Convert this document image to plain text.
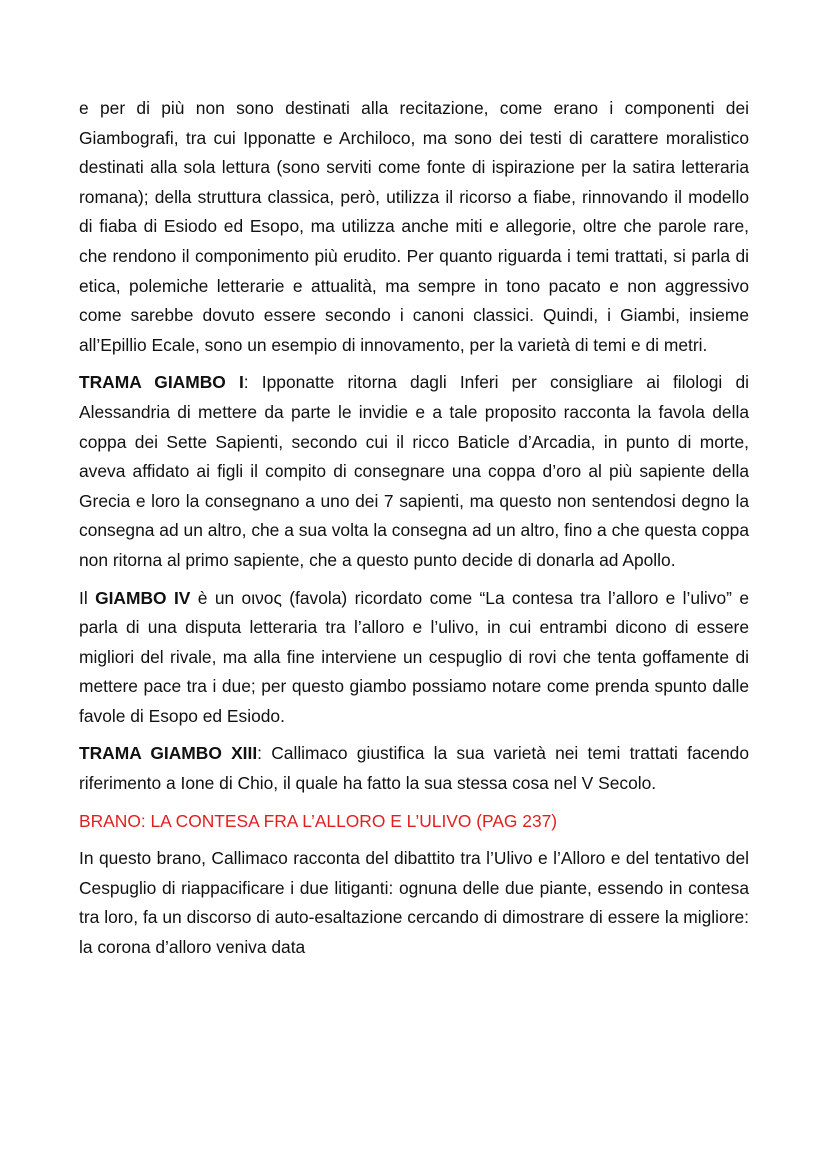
e per di più non sono destinati alla recitazione, come erano i componenti dei Giambografi, tra cui Ipponatte e Archiloco, ma sono dei testi di carattere moralistico destinati alla sola lettura (sono serviti come fonte di ispirazione per la satira letteraria romana); della struttura classica, però, utilizza il ricorso a fiabe, rinnovando il modello di fiaba di Esiodo ed Esopo, ma utilizza anche miti e allegorie, oltre che parole rare, che rendono il componimento più erudito. Per quanto riguarda i temi trattati, si parla di etica, polemiche letterarie e attualità, ma sempre in tono pacato e non aggressivo come sarebbe dovuto essere secondo i canoni classici. Quindi, i Giambi, insieme all’Epillio Ecale, sono un esempio di innovamento, per la varietà di temi e di metri.

TRAMA GIAMBO I: Ipponatte ritorna dagli Inferi per consigliare ai filologi di Alessandria di mettere da parte le invidie e a tale proposito racconta la favola della coppa dei Sette Sapienti, secondo cui il ricco Baticle d’Arcadia, in punto di morte, aveva affidato ai figli il compito di consegnare una coppa d’oro al più sapiente della Grecia e loro la consegnano a uno dei 7 sapienti, ma questo non sentendosi degno la consegna ad un altro, che a sua volta la consegna ad un altro, fino a che questa coppa non ritorna al primo sapiente, che a questo punto decide di donarla ad Apollo.

Il GIAMBO IV è un οινος (favola) ricordato come “La contesa tra l’alloro e l’ulivo” e parla di una disputa letteraria tra l’alloro e l’ulivo, in cui entrambi dicono di essere migliori del rivale, ma alla fine interviene un cespuglio di rovi che tenta goffamente di mettere pace tra i due; per questo giambo possiamo notare come prenda spunto dalle favole di Esopo ed Esiodo.

TRAMA GIAMBO XIII: Callimaco giustifica la sua varietà nei temi trattati facendo riferimento a Ione di Chio, il quale ha fatto la sua stessa cosa nel V Secolo.

BRANO: LA CONTESA FRA L’ALLORO E L’ULIVO (PAG 237)

In questo brano, Callimaco racconta del dibattito tra l’Ulivo e l’Alloro e del tentativo del Cespuglio di riappacificare i due litiganti: ognuna delle due piante, essendo in contesa tra loro, fa un discorso di auto-esaltazione cercando di dimostrare di essere la migliore: la corona d’alloro veniva data
